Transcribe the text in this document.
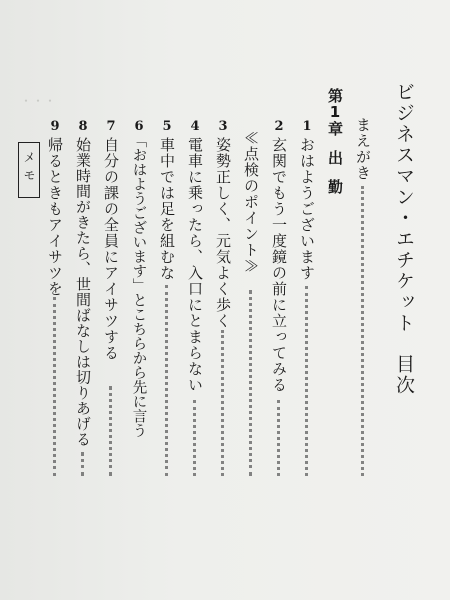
・・・	ビジネスマン・エチケット目次
まえがき
第1章出勤
1
おはようございます
2
玄関でもう一度鏡の前に立ってみる
≪点検のポイント≫
3
姿勢正しく、元気よく歩く
4
電車に乗ったら、入口にとまらない
5
車中では足を組むな
6
「おはようございます」とこちらから先に言う
7
自分の課の全員にアイサツする
8
始業時間がきたら、世間ばなしは切りあげる
9
帰るときもアイサツを
メモ
